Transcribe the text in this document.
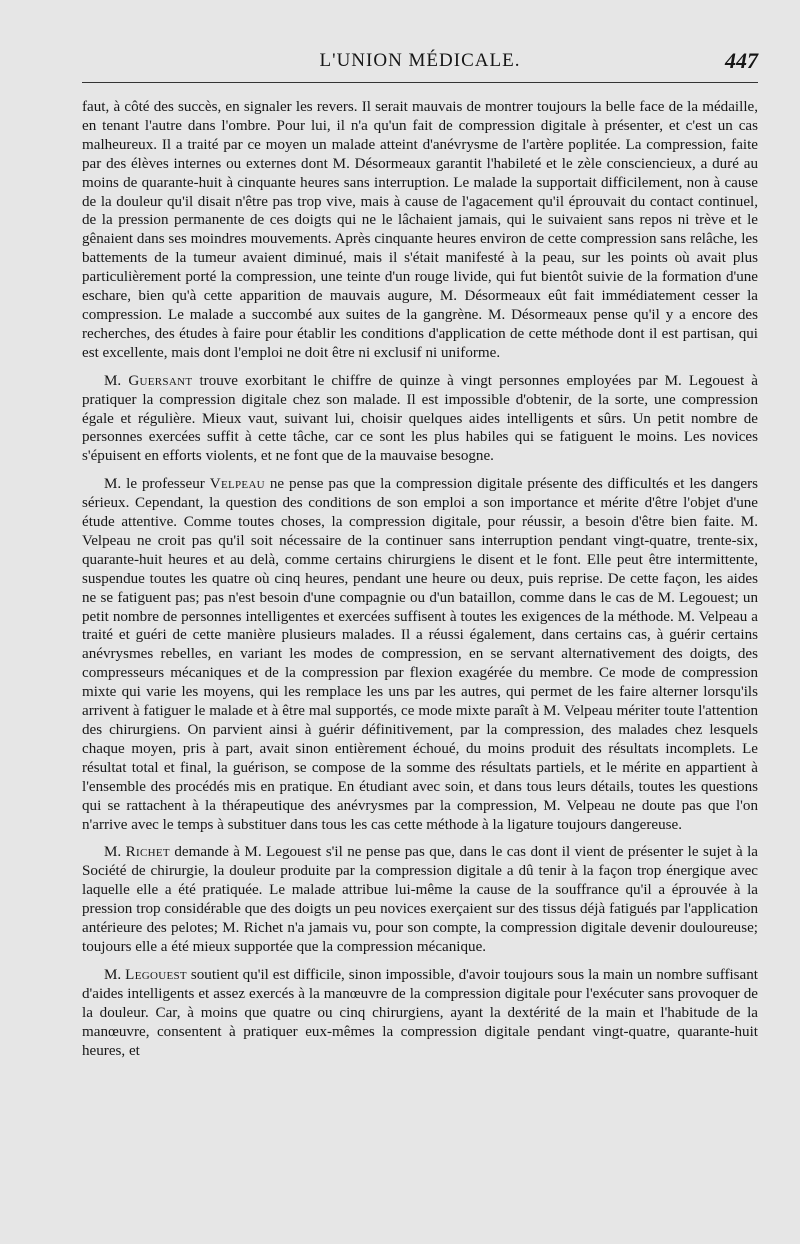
L'UNION MÉDICALE.	447

faut, à côté des succès, en signaler les revers. Il serait mauvais de montrer toujours la belle face de la médaille, en tenant l'autre dans l'ombre. Pour lui, il n'a qu'un fait de compression digitale à présenter, et c'est un cas malheureux. Il a traité par ce moyen un malade atteint d'anévrysme de l'artère poplitée. La compression, faite par des élèves internes ou externes dont M. Désormeaux garantit l'habileté et le zèle consciencieux, a duré au moins de quarante-huit à cinquante heures sans interruption. Le malade la supportait difficilement, non à cause de la douleur qu'il disait n'être pas trop vive, mais à cause de l'agacement qu'il éprouvait du contact continuel, de la pression permanente de ces doigts qui ne le lâchaient jamais, qui le suivaient sans repos ni trève et le gênaient dans ses moindres mouvements. Après cinquante heures environ de cette compression sans relâche, les battements de la tumeur avaient diminué, mais il s'était manifesté à la peau, sur les points où avait plus particulièrement porté la compression, une teinte d'un rouge livide, qui fut bientôt suivie de la formation d'une eschare, bien qu'à cette apparition de mauvais augure, M. Désormeaux eût fait immédiatement cesser la compression. Le malade a succombé aux suites de la gangrène. M. Désormeaux pense qu'il y a encore des recherches, des études à faire pour établir les conditions d'application de cette méthode dont il est partisan, qui est excellente, mais dont l'emploi ne doit être ni exclusif ni uniforme.

M. Guersant trouve exorbitant le chiffre de quinze à vingt personnes employées par M. Legouest à pratiquer la compression digitale chez son malade. Il est impossible d'obtenir, de la sorte, une compression égale et régulière. Mieux vaut, suivant lui, choisir quelques aides intelligents et sûrs. Un petit nombre de personnes exercées suffit à cette tâche, car ce sont les plus habiles qui se fatiguent le moins. Les novices s'épuisent en efforts violents, et ne font que de la mauvaise besogne.

M. le professeur Velpeau ne pense pas que la compression digitale présente des difficultés et les dangers sérieux. Cependant, la question des conditions de son emploi a son importance et mérite d'être l'objet d'une étude attentive. Comme toutes choses, la compression digitale, pour réussir, a besoin d'être bien faite. M. Velpeau ne croit pas qu'il soit nécessaire de la continuer sans interruption pendant vingt-quatre, trente-six, quarante-huit heures et au delà, comme certains chirurgiens le disent et le font. Elle peut être intermittente, suspendue toutes les quatre où cinq heures, pendant une heure ou deux, puis reprise. De cette façon, les aides ne se fatiguent pas; pas n'est besoin d'une compagnie ou d'un bataillon, comme dans le cas de M. Legouest; un petit nombre de personnes intelligentes et exercées suffisent à toutes les exigences de la méthode. M. Velpeau a traité et guéri de cette manière plusieurs malades. Il a réussi également, dans certains cas, à guérir certains anévrysmes rebelles, en variant les modes de compression, en se servant alternativement des doigts, des compresseurs mécaniques et de la compression par flexion exagérée du membre. Ce mode de compression mixte qui varie les moyens, qui les remplace les uns par les autres, qui permet de les faire alterner lorsqu'ils arrivent à fatiguer le malade et à être mal supportés, ce mode mixte paraît à M. Velpeau mériter toute l'attention des chirurgiens. On parvient ainsi à guérir définitivement, par la compression, des malades chez lesquels chaque moyen, pris à part, avait sinon entièrement échoué, du moins produit des résultats incomplets. Le résultat total et final, la guérison, se compose de la somme des résultats partiels, et le mérite en appartient à l'ensemble des procédés mis en pratique. En étudiant avec soin, et dans tous leurs détails, toutes les questions qui se rattachent à la thérapeutique des anévrysmes par la compression, M. Velpeau ne doute pas que l'on n'arrive avec le temps à substituer dans tous les cas cette méthode à la ligature toujours dangereuse.

M. Richet demande à M. Legouest s'il ne pense pas que, dans le cas dont il vient de présenter le sujet à la Société de chirurgie, la douleur produite par la compression digitale a dû tenir à la façon trop énergique avec laquelle elle a été pratiquée. Le malade attribue lui-même la cause de la souffrance qu'il a éprouvée à la pression trop considérable que des doigts un peu novices exerçaient sur des tissus déjà fatigués par l'application antérieure des pelotes; M. Richet n'a jamais vu, pour son compte, la compression digitale devenir douloureuse; toujours elle a été mieux supportée que la compression mécanique.

M. Legouest soutient qu'il est difficile, sinon impossible, d'avoir toujours sous la main un nombre suffisant d'aides intelligents et assez exercés à la manœuvre de la compression digitale pour l'exécuter sans provoquer de la douleur. Car, à moins que quatre ou cinq chirurgiens, ayant la dextérité de la main et l'habitude de la manœuvre, consentent à pratiquer eux-mêmes la compression digitale pendant vingt-quatre, quarante-huit heures, et
